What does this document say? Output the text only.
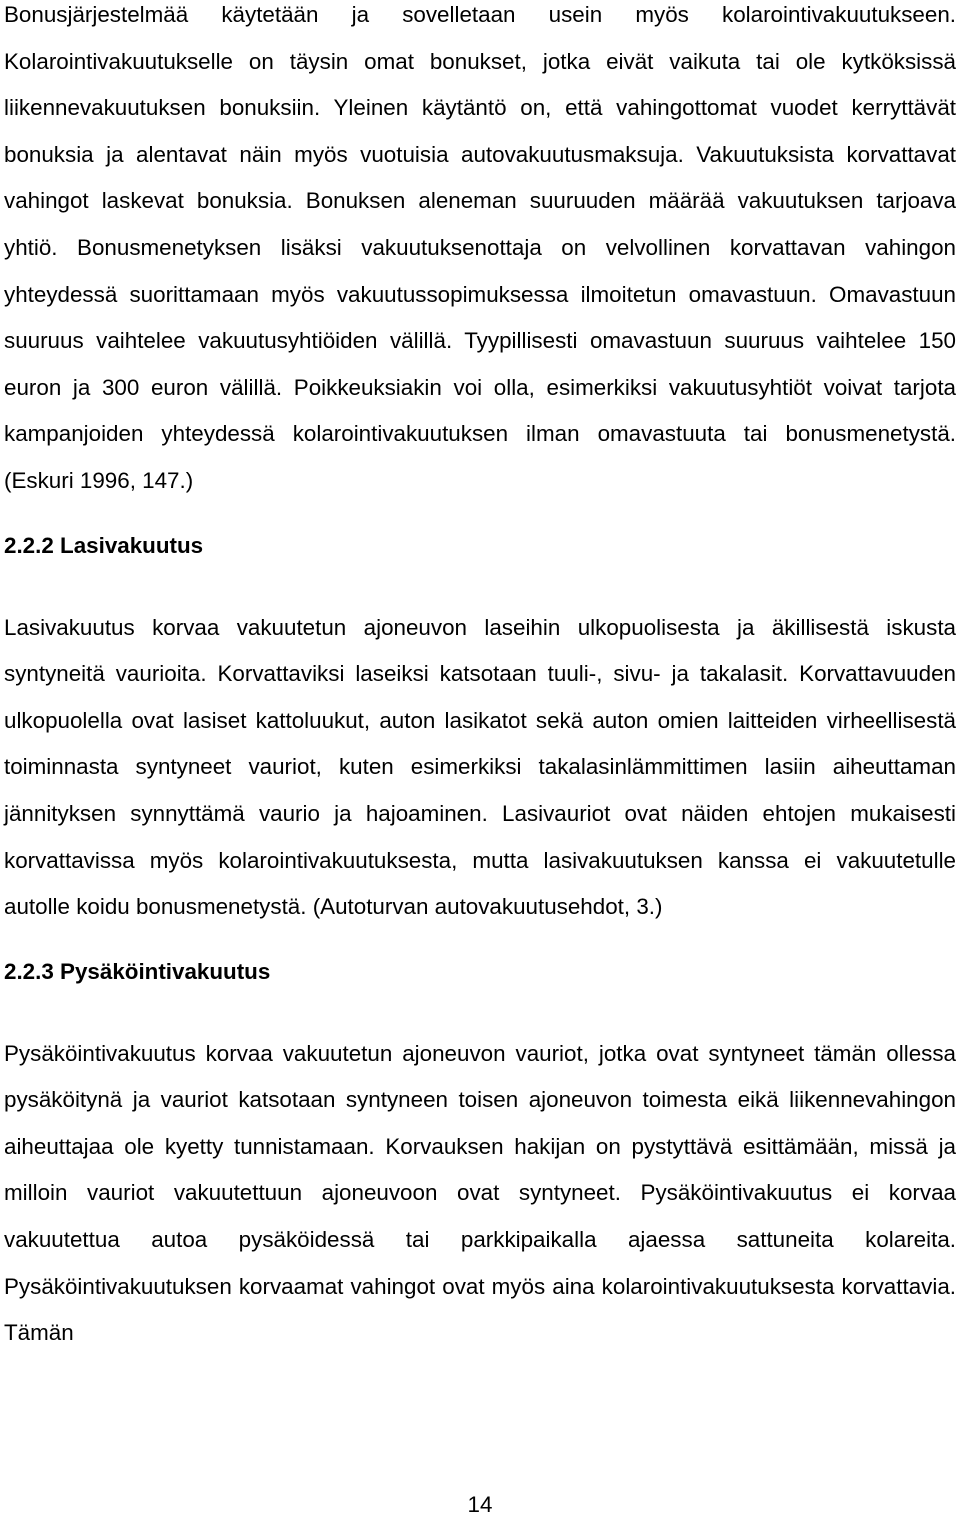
Bonusjärjestelmää käytetään ja sovelletaan usein myös kolarointivakuutukseen. Kolarointivakuutukselle on täysin omat bonukset, jotka eivät vaikuta tai ole kytköksissä liikennevakuutuksen bonuksiin. Yleinen käytäntö on, että vahingottomat vuodet kerryttävät bonuksia ja alentavat näin myös vuotuisia autovakuutusmaksuja. Vakuutuksista korvattavat vahingot laskevat bonuksia. Bonuksen aleneman suuruuden määrää vakuutuksen tarjoava yhtiö. Bonusmenetyksen lisäksi vakuutuksenottaja on velvollinen korvattavan vahingon yhteydessä suorittamaan myös vakuutussopimuksessa ilmoitetun omavastuun. Omavastuun suuruus vaihtelee vakuutusyhtiöiden välillä. Tyypillisesti omavastuun suuruus vaihtelee 150 euron ja 300 euron välillä. Poikkeuksiakin voi olla, esimerkiksi vakuutusyhtiöt voivat tarjota kampanjoiden yhteydessä kolarointivakuutuksen ilman omavastuuta tai bonusmenetystä. (Eskuri 1996, 147.)

2.2.2 Lasivakuutus

Lasivakuutus korvaa vakuutetun ajoneuvon laseihin ulkopuolisesta ja äkillisestä iskusta syntyneitä vaurioita. Korvattaviksi laseiksi katsotaan tuuli-, sivu- ja takalasit. Korvattavuuden ulkopuolella ovat lasiset kattoluukut, auton lasikatot sekä auton omien laitteiden virheellisestä toiminnasta syntyneet vauriot, kuten esimerkiksi takalasinlämmittimen lasiin aiheuttaman jännityksen synnyttämä vaurio ja hajoaminen. Lasivauriot ovat näiden ehtojen mukaisesti korvattavissa myös kolarointivakuutuksesta, mutta lasivakuutuksen kanssa ei vakuutetulle autolle koidu bonusmenetystä. (Autoturvan autovakuutusehdot, 3.)

2.2.3 Pysäköintivakuutus

Pysäköintivakuutus korvaa vakuutetun ajoneuvon vauriot, jotka ovat syntyneet tämän ollessa pysäköitynä ja vauriot katsotaan syntyneen toisen ajoneuvon toimesta eikä liikennevahingon aiheuttajaa ole kyetty tunnistamaan. Korvauksen hakijan on pystyttävä esittämään, missä ja milloin vauriot vakuutettuun ajoneuvoon ovat syntyneet. Pysäköintivakuutus ei korvaa vakuutettua autoa pysäköidessä tai parkkipaikalla ajaessa sattuneita kolareita. Pysäköintivakuutuksen korvaamat vahingot ovat myös aina kolarointivakuutuksesta korvattavia. Tämän

14
